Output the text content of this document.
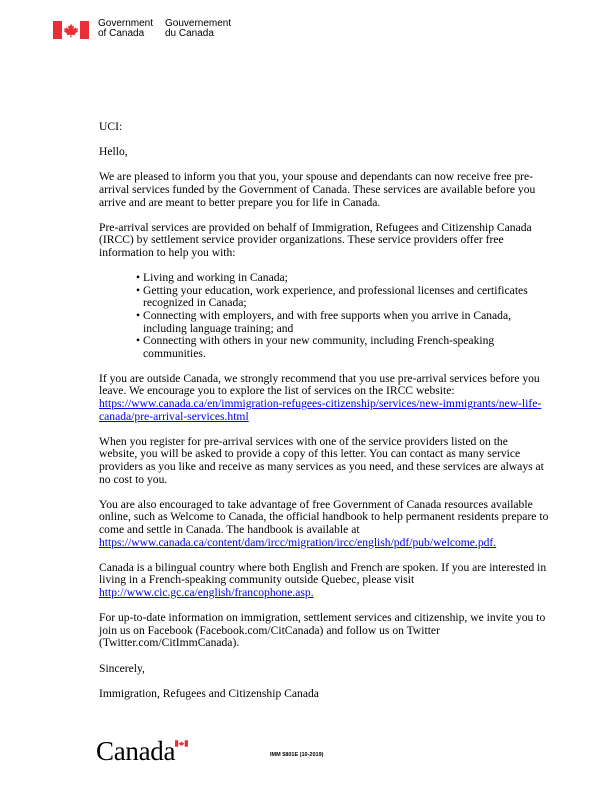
Government
of Canada
Gouvernement
du Canada

UCI:

Hello,

We are pleased to inform you that you, your spouse and dependants can now receive free pre-arrival services funded by the Government of Canada. These services are available before you arrive and are meant to better prepare you for life in Canada.

Pre-arrival services are provided on behalf of Immigration, Refugees and Citizenship Canada (IRCC) by settlement service provider organizations. These service providers offer free information to help you with:

• Living and working in Canada;
• Getting your education, work experience, and professional licenses and certificates recognized in Canada;
• Connecting with employers, and with free supports when you arrive in Canada, including language training; and
• Connecting with others in your new community, including French-speaking communities.

If you are outside Canada, we strongly recommend that you use pre-arrival services before you leave. We encourage you to explore the list of services on the IRCC website: https://www.canada.ca/en/immigration-refugees-citizenship/services/new-immigrants/new-life-canada/pre-arrival-services.html

When you register for pre-arrival services with one of the service providers listed on the website, you will be asked to provide a copy of this letter. You can contact as many service providers as you like and receive as many services as you need, and these services are always at no cost to you.

You are also encouraged to take advantage of free Government of Canada resources available online, such as Welcome to Canada, the official handbook to help permanent residents prepare to come and settle in Canada. The handbook is available at https://www.canada.ca/content/dam/ircc/migration/ircc/english/pdf/pub/welcome.pdf.

Canada is a bilingual country where both English and French are spoken. If you are interested in living in a French-speaking community outside Quebec, please visit http://www.cic.gc.ca/english/francophone.asp.

For up-to-date information on immigration, settlement services and citizenship, we invite you to join us on Facebook (Facebook.com/CitCanada) and follow us on Twitter (Twitter.com/CitImmCanada).

Sincerely,

Immigration, Refugees and Citizenship Canada

Canada	IMM 5801E (10-2019)
